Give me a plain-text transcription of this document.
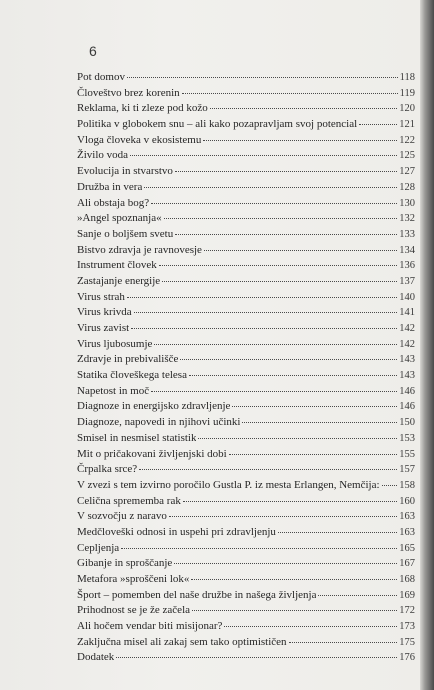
6
Pot domov	118
Človeštvo brez korenin	119
Reklama, ki ti zleze pod kožo	120
Politika v globokem snu – ali kako pozapravljam svoj potencial	121
Vloga človeka v ekosistemu	122
Živilo voda	125
Evolucija in stvarstvo	127
Družba in vera	128
Ali obstaja bog?	130
»Angel spoznanja«	132
Sanje o boljšem svetu	133
Bistvo zdravja je ravnovesje	134
Instrument človek	136
Zastajanje energije	137
Virus strah	140
Virus krivda	141
Virus zavist	142
Virus ljubosumje	142
Zdravje in prebivališče	143
Statika človeškega telesa	143
Napetost in moč	146
Diagnoze in energijsko zdravljenje	146
Diagnoze, napovedi in njihovi učinki	150
Smisel in nesmisel statistik	153
Mit o pričakovani življenjski dobi	155
Črpalka srce?	157
V zvezi s tem izvirno poročilo Gustla P. iz mesta Erlangen, Nemčija: 158
Celična sprememba rak	160
V sozvočju z naravo	163
Medčloveški odnosi in uspehi pri zdravljenju	163
Cepljenja	165
Gibanje in sproščanje	167
Metafora »sproščeni lok«	168
Šport – pomemben del naše družbe in našega življenja	169
Prihodnost se je že začela	172
Ali hočem vendar biti misijonar?	173
Zaključna misel ali zakaj sem tako optimističen	175
Dodatek	176
